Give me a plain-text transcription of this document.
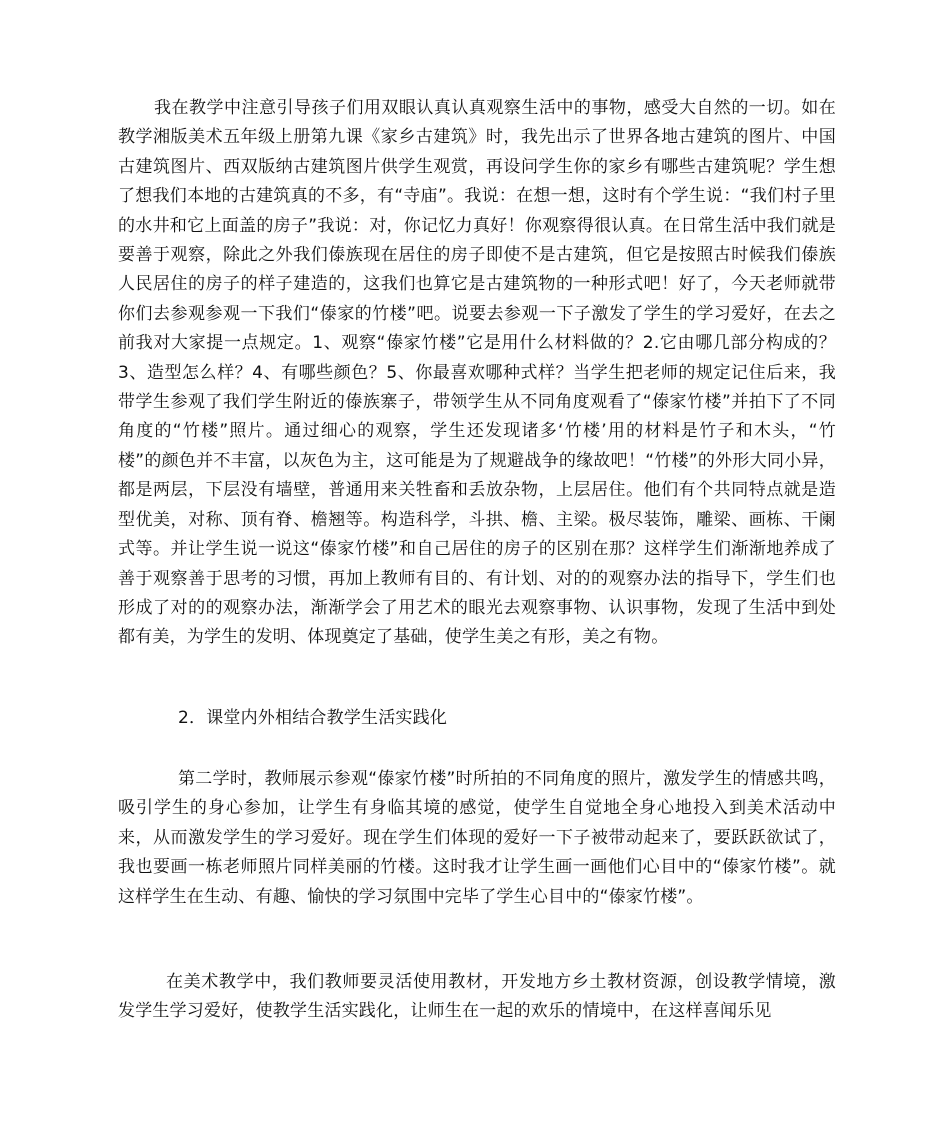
我在教学中注意引导孩子们用双眼认真认真观察生活中的事物，感受大自然的一切。如在教学湘版美术五年级上册第九课《家乡古建筑》时，我先出示了世界各地古建筑的图片、中国古建筑图片、西双版纳古建筑图片供学生观赏，再设问学生你的家乡有哪些古建筑呢？学生想了想我们本地的古建筑真的不多，有“寺庙”。我说：在想一想，这时有个学生说：“我们村子里的水井和它上面盖的房子”我说：对，你记忆力真好！你观察得很认真。在日常生活中我们就是要善于观察，除此之外我们傣族现在居住的房子即使不是古建筑，但它是按照古时候我们傣族人民居住的房子的样子建造的，这我们也算它是古建筑物的一种形式吧！好了，今天老师就带你们去参观参观一下我们“傣家的竹楼”吧。说要去参观一下子激发了学生的学习爱好，在去之前我对大家提一点规定。1、观察“傣家竹楼”它是用什么材料做的？2.它由哪几部分构成的？3、造型怎么样？4、有哪些颜色？5、你最喜欢哪种式样？当学生把老师的规定记住后来，我带学生参观了我们学生附近的傣族寨子，带领学生从不同角度观看了“傣家竹楼”并拍下了不同角度的“竹楼”照片。通过细心的观察，学生还发现诸多‘竹楼’用的材料是竹子和木头，“竹楼”的颜色并不丰富，以灰色为主，这可能是为了规避战争的缘故吧！“竹楼”的外形大同小异，都是两层，下层没有墙壁，普通用来关牲畜和丢放杂物，上层居住。他们有个共同特点就是造型优美，对称、顶有脊、檐翘等。构造科学，斗拱、檐、主梁。极尽装饰，雕梁、画栋、干阑式等。并让学生说一说这“傣家竹楼”和自己居住的房子的区别在那？这样学生们渐渐地养成了善于观察善于思考的习惯，再加上教师有目的、有计划、对的的观察办法的指导下，学生们也形成了对的的观察办法，渐渐学会了用艺术的眼光去观察事物、认识事物，发现了生活中到处都有美，为学生的发明、体现奠定了基础，使学生美之有形，美之有物。

2．课堂内外相结合教学生活实践化

第二学时，教师展示参观“傣家竹楼”时所拍的不同角度的照片，激发学生的情感共鸣，吸引学生的身心参加，让学生有身临其境的感觉，使学生自觉地全身心地投入到美术活动中来，从而激发学生的学习爱好。现在学生们体现的爱好一下子被带动起来了，要跃跃欲试了，我也要画一栋老师照片同样美丽的竹楼。这时我才让学生画一画他们心目中的“傣家竹楼”。就这样学生在生动、有趣、愉快的学习氛围中完毕了学生心目中的“傣家竹楼”。

在美术教学中，我们教师要灵活使用教材，开发地方乡土教材资源，创设教学情境，激发学生学习爱好，使教学生活实践化，让师生在一起的欢乐的情境中，在这样喜闻乐见
